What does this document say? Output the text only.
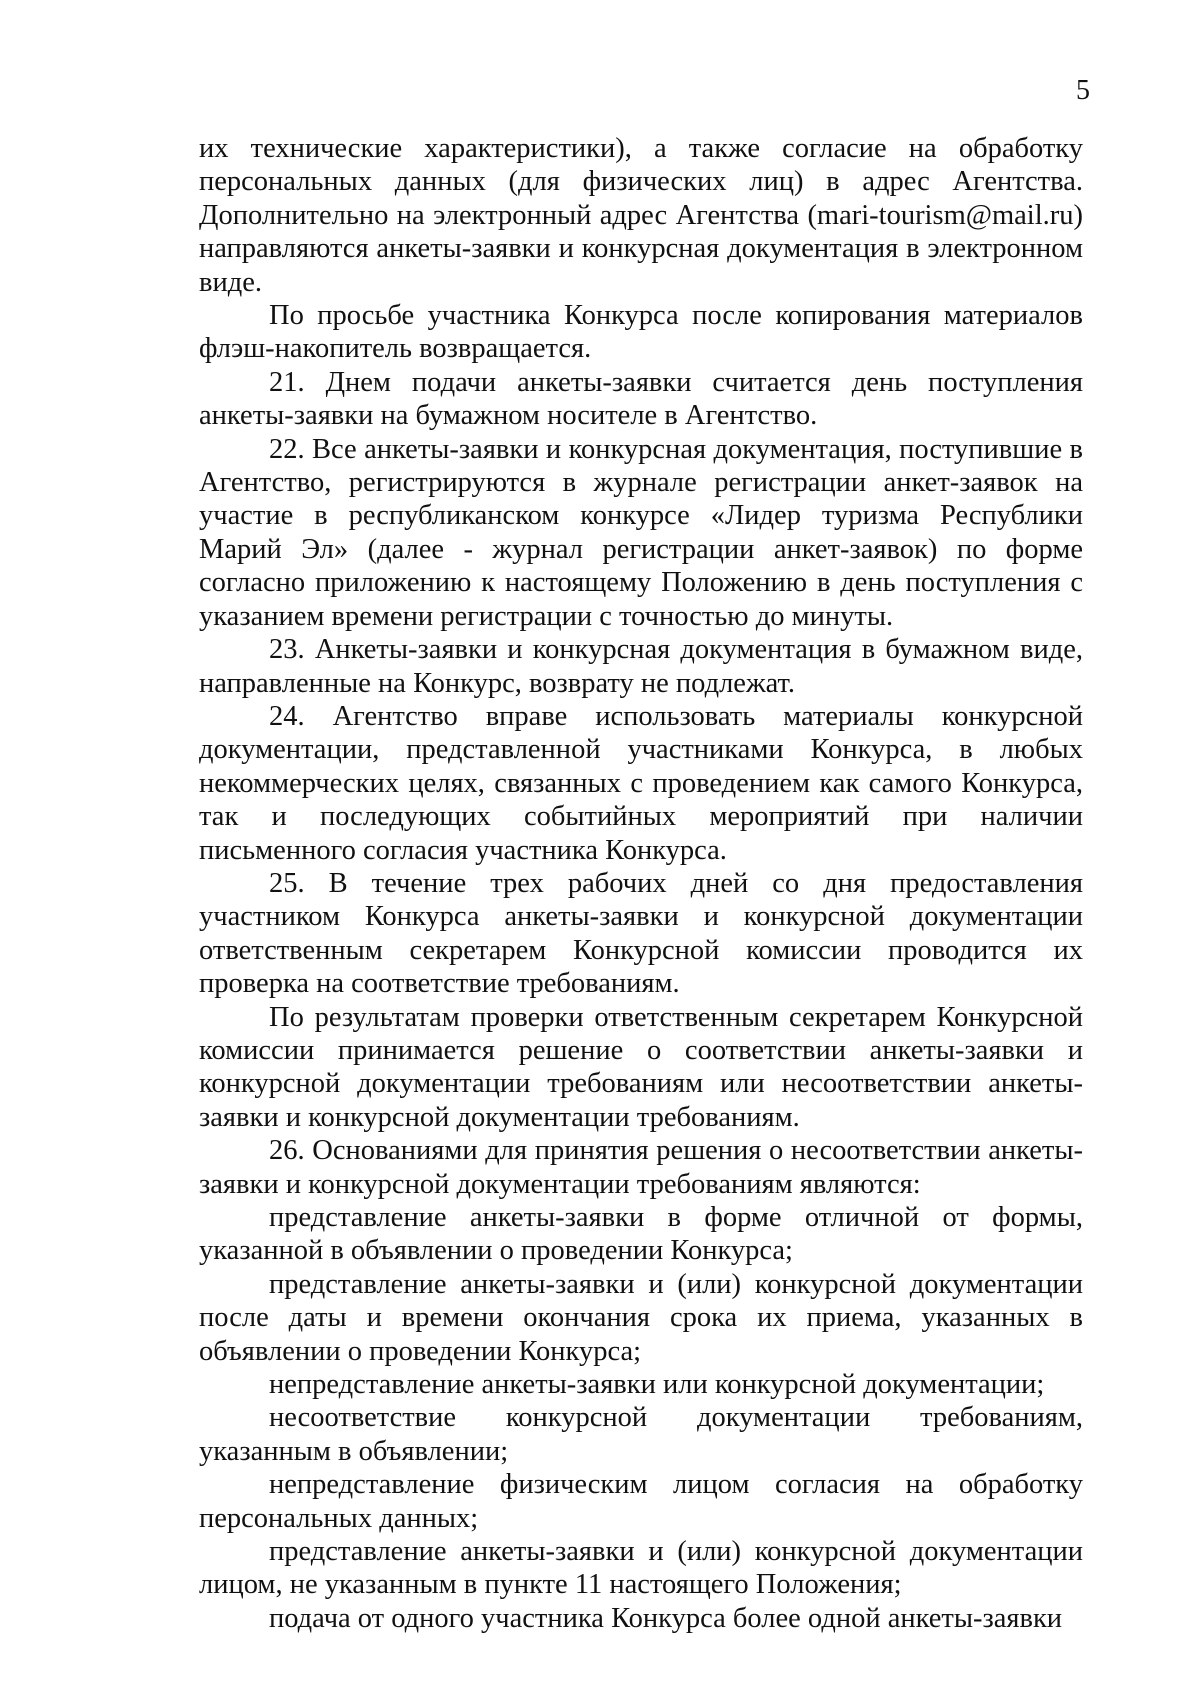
5

их технические характеристики), а также согласие на обработку персональных данных (для физических лиц) в адрес Агентства. Дополнительно на электронный адрес Агентства (mari-tourism@mail.ru) направляются анкеты-заявки и конкурсная документация в электронном виде.

По просьбе участника Конкурса после копирования материалов флэш-накопитель возвращается.

21. Днем подачи анкеты-заявки считается день поступления анкеты-заявки на бумажном носителе в Агентство.

22. Все анкеты-заявки и конкурсная документация, поступившие в Агентство, регистрируются в журнале регистрации анкет-заявок на участие в республиканском конкурсе «Лидер туризма Республики Марий Эл» (далее - журнал регистрации анкет-заявок) по форме согласно приложению к настоящему Положению в день поступления с указанием времени регистрации с точностью до минуты.

23. Анкеты-заявки и конкурсная документация в бумажном виде, направленные на Конкурс, возврату не подлежат.

24. Агентство вправе использовать материалы конкурсной документации, представленной участниками Конкурса, в любых некоммерческих целях, связанных с проведением как самого Конкурса, так и последующих событийных мероприятий при наличии письменного согласия участника Конкурса.

25. В течение трех рабочих дней со дня предоставления участником Конкурса анкеты-заявки и конкурсной документации ответственным секретарем Конкурсной комиссии проводится их проверка на соответствие требованиям.

По результатам проверки ответственным секретарем Конкурсной комиссии принимается решение о соответствии анкеты-заявки и конкурсной документации требованиям или несоответствии анкеты-заявки и конкурсной документации требованиям.

26. Основаниями для принятия решения о несоответствии анкеты-заявки и конкурсной документации требованиям являются:

представление анкеты-заявки в форме отличной от формы, указанной в объявлении о проведении Конкурса;

представление анкеты-заявки и (или) конкурсной документации после даты и времени окончания срока их приема, указанных в объявлении о проведении Конкурса;

непредставление анкеты-заявки или конкурсной документации;

несоответствие конкурсной документации требованиям, указанным в объявлении;

непредставление физическим лицом согласия на обработку персональных данных;

представление анкеты-заявки и (или) конкурсной документации лицом, не указанным в пункте 11 настоящего Положения;

подача от одного участника Конкурса более одной анкеты-заявки
